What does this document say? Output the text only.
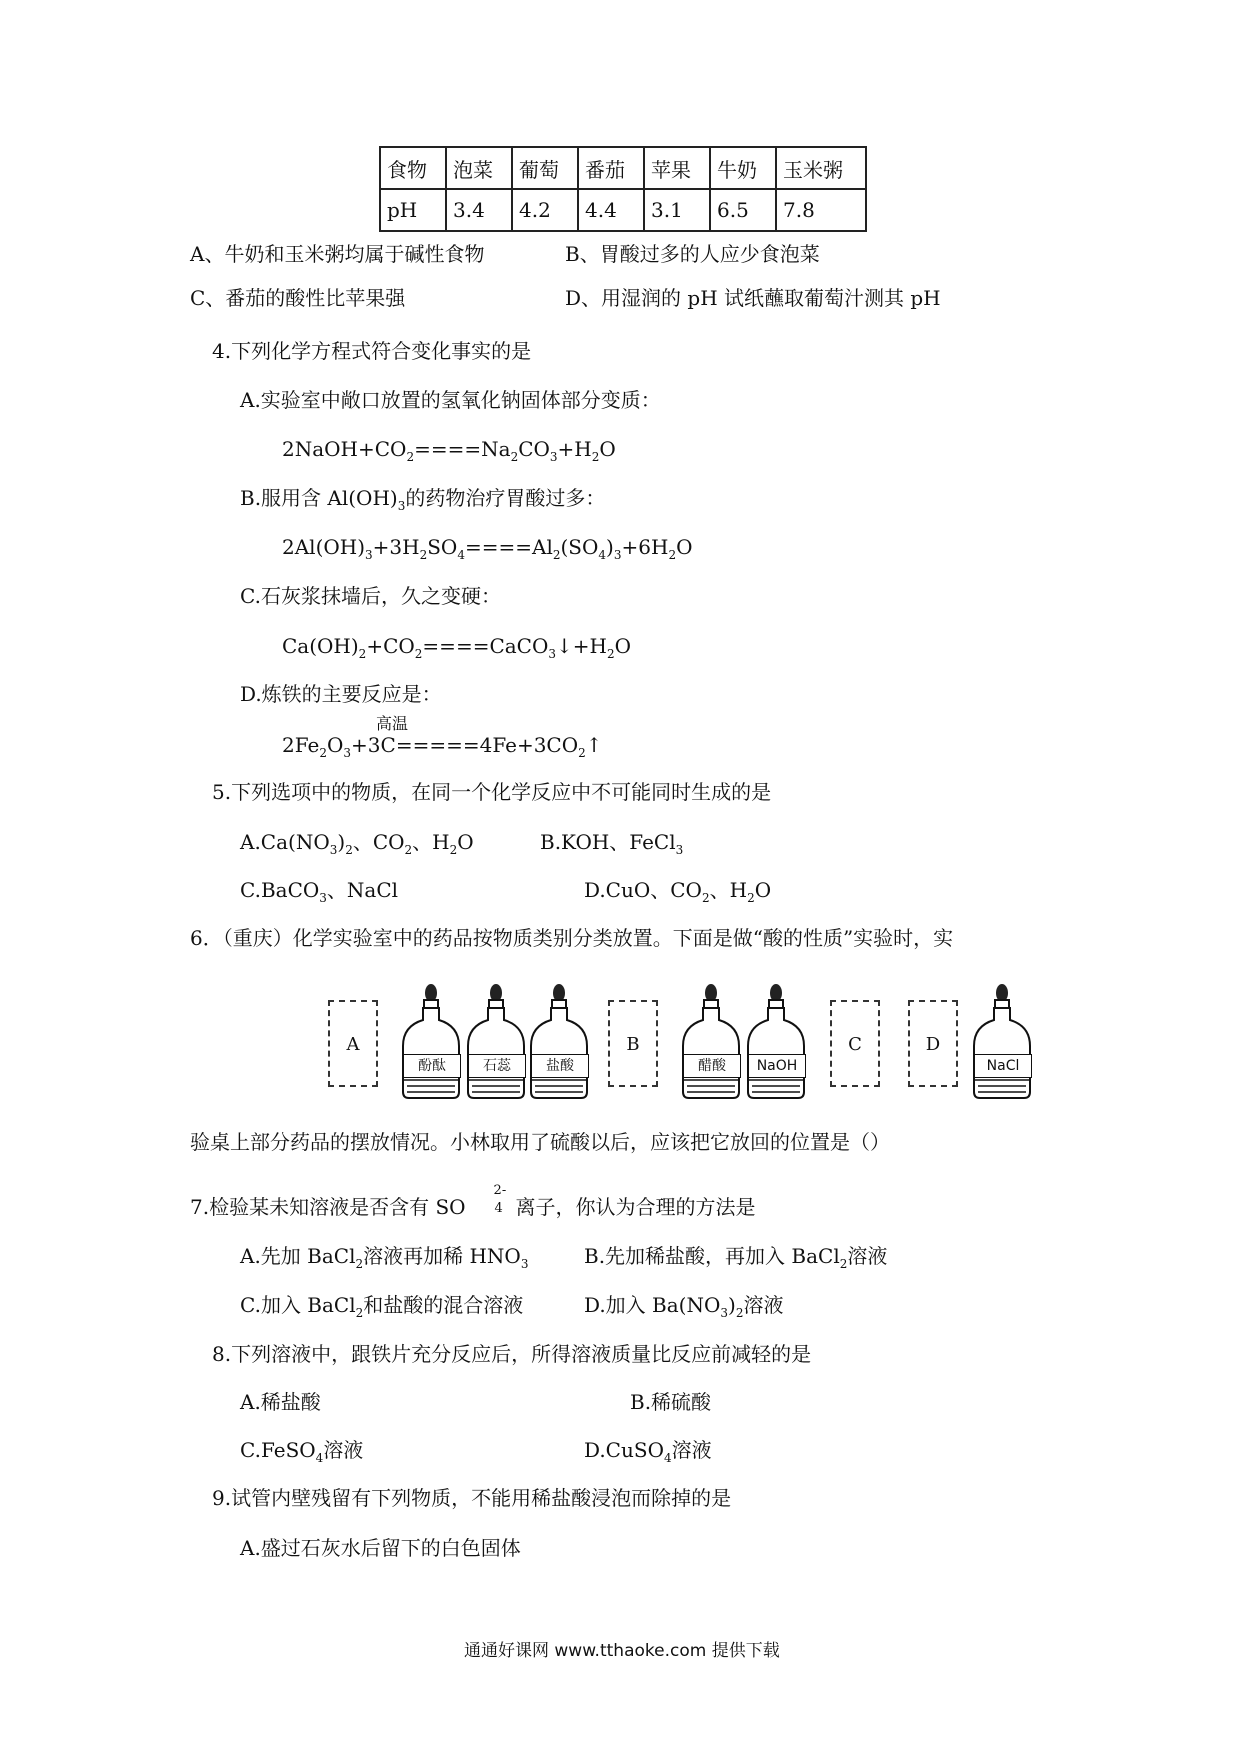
食物	泡菜	葡萄	番茄	苹果	牛奶	玉米粥
pH	3.4	4.2	4.4	3.1	6.5	7.8
A、牛奶和玉米粥均属于碱性食物	B、胃酸过多的人应少食泡菜
C、番茄的酸性比苹果强	D、用湿润的 pH 试纸蘸取葡萄汁测其 pH
4.下列化学方程式符合变化事实的是
A.实验室中敞口放置的氢氧化钠固体部分变质：
$2NaOH+CO_2====Na_2CO_3+H_2O$
B.服用含 $Al(OH)_3$的药物治疗胃酸过多：
$2Al(OH)_3+3H_2SO_4====Al_2(SO_4)_3+6H_2O$
C.石灰浆抹墙后，久之变硬：
$Ca(OH)_2+CO_2====CaCO_3↓+H_2O$
D.炼铁的主要反应是：
高温
$2Fe_2O_3+3C=====4Fe+3CO_2↑$
5.下列选项中的物质，在同一个化学反应中不可能同时生成的是
$A.Ca(NO_3)_2$、$CO_2$、$H_2O$	B.KOH、FeCl$_3$
C.BaCO$_3$、NaCl	D.CuO、$CO_2$、$H_2O$
6．（重庆）化学实验室中的药品按物质类别分类放置。下面是做“酸的性质”实验时，实
A
酚酞	石蕊	盐酸
B
醋酸	NaOH
C	D
NaCl
验桌上部分药品的摆放情况。小林取用了硫酸以后，应该把它放回的位置是（）
7.检验某未知溶液是否含有 SO
2-
4 离子，你认为合理的方法是
A.先加 BaCl$_2$溶液再加稀 $HNO_3$	B.先加稀盐酸，再加入 BaCl$_2$溶液
C.加入 BaCl$_2$和盐酸的混合溶液	D.加入 $Ba(NO_3)_2$溶液
8.下列溶液中，跟铁片充分反应后，所得溶液质量比反应前减轻的是
A.稀盐酸	B.稀硫酸
C.FeSO$_4$溶液	D.CuSO$_4$溶液
9.试管内壁残留有下列物质，不能用稀盐酸浸泡而除掉的是
A.盛过石灰水后留下的白色固体
通通好课网 www.tthaoke.com 提供下载
